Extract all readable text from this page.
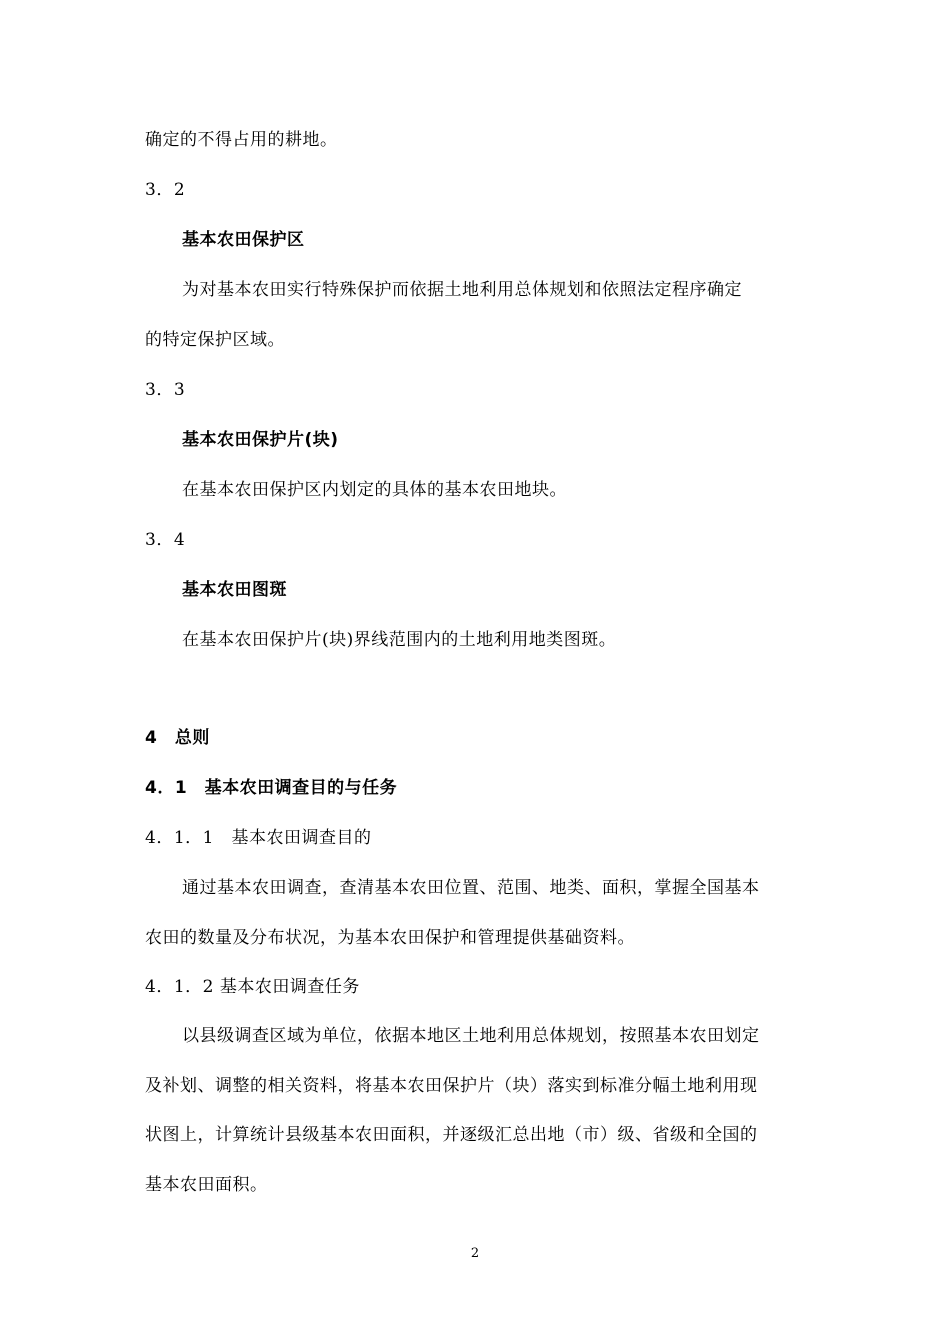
确定的不得占用的耕地。
3．2
基本农田保护区
为对基本农田实行特殊保护而依据土地利用总体规划和依照法定程序确定
的特定保护区域。
3．3
基本农田保护片(块)
在基本农田保护区内划定的具体的基本农田地块。
3．4
基本农田图斑
在基本农田保护片(块)界线范围内的土地利用地类图斑。
4　总则
4．1　基本农田调查目的与任务
4．1．1　基本农田调查目的
通过基本农田调查，查清基本农田位置、范围、地类、面积，掌握全国基本
农田的数量及分布状况，为基本农田保护和管理提供基础资料。
4．1．2 基本农田调查任务
以县级调查区域为单位，依据本地区土地利用总体规划，按照基本农田划定
及补划、调整的相关资料，将基本农田保护片（块）落实到标准分幅土地利用现
状图上，计算统计县级基本农田面积，并逐级汇总出地（市）级、省级和全国的
基本农田面积。
2
